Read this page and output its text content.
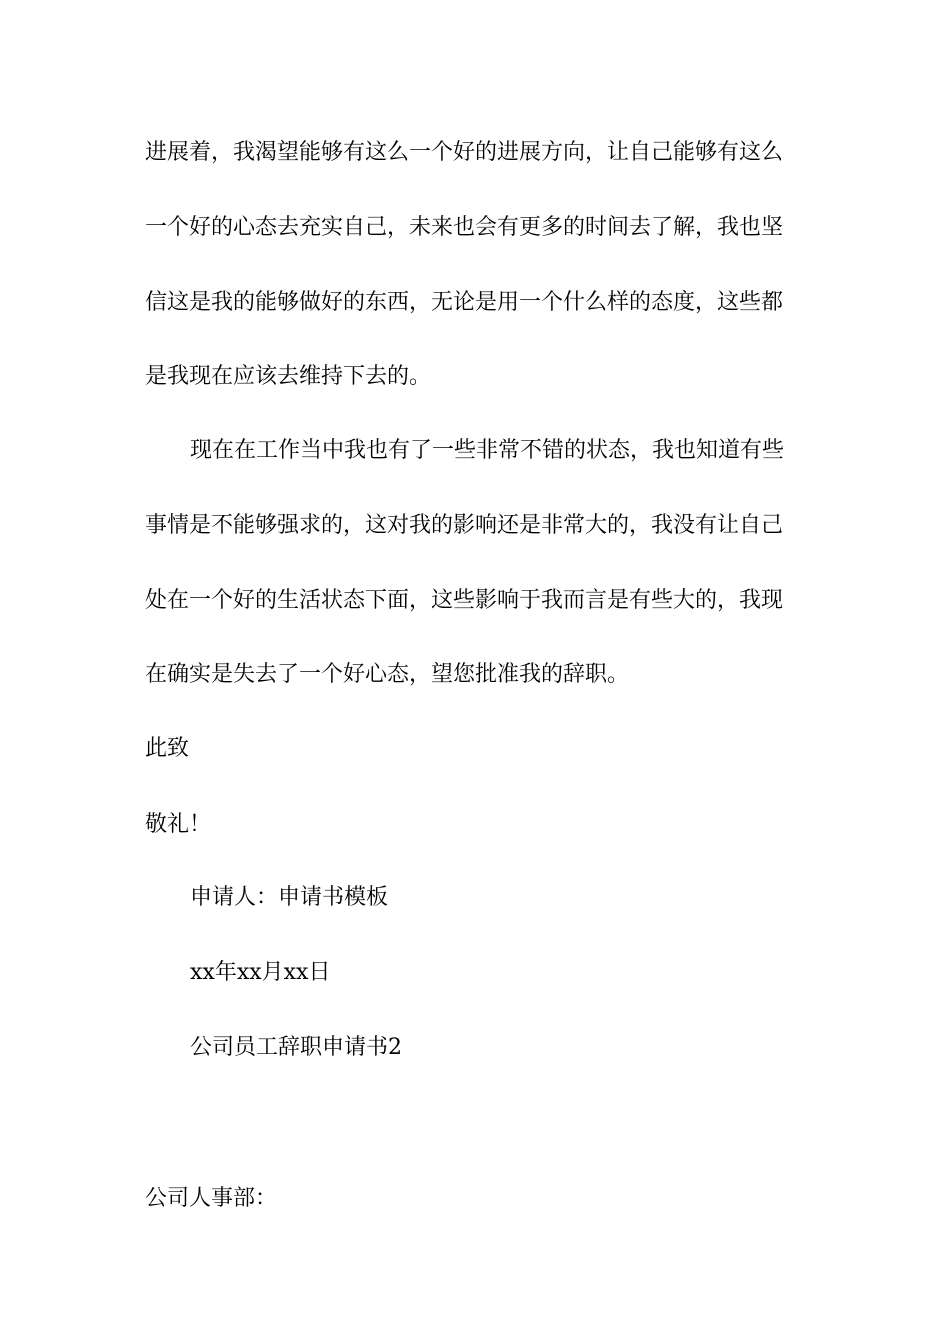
进展着，我渴望能够有这么一个好的进展方向，让自己能够有这么
一个好的心态去充实自己，未来也会有更多的时间去了解，我也坚
信这是我的能够做好的东西，无论是用一个什么样的态度，这些都
是我现在应该去维持下去的。
现在在工作当中我也有了一些非常不错的状态，我也知道有些
事情是不能够强求的，这对我的影响还是非常大的，我没有让自己
处在一个好的生活状态下面，这些影响于我而言是有些大的，我现
在确实是失去了一个好心态，望您批准我的辞职。
此致
敬礼！
申请人：申请书模板
xx年xx月xx日
公司员工辞职申请书2
公司人事部：
